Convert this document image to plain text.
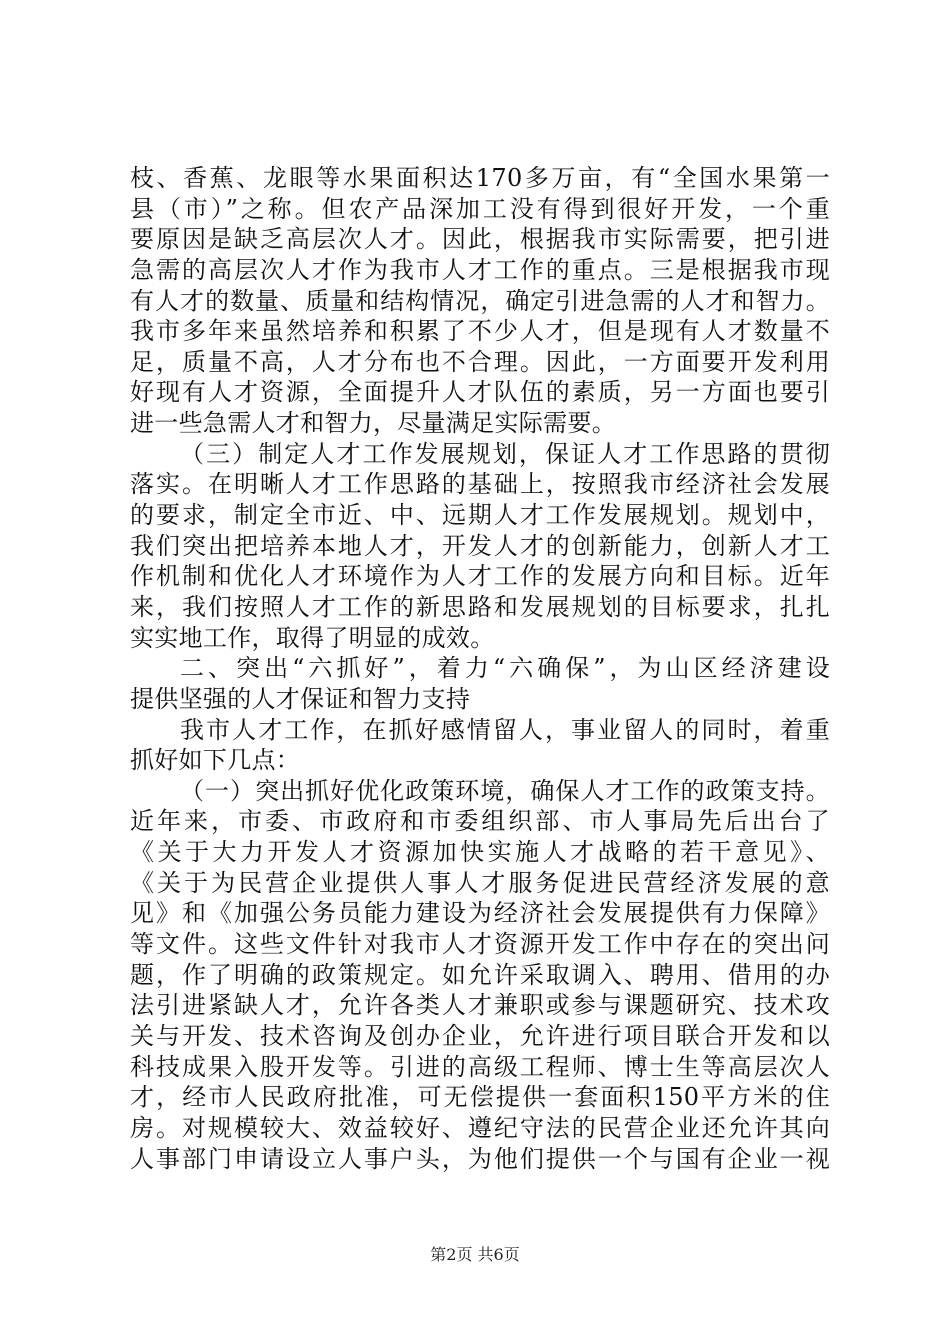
枝、香蕉、龙眼等水果面积达170多万亩，有“全国水果第一
县（市）”之称。但农产品深加工没有得到很好开发，一个重
要原因是缺乏高层次人才。因此，根据我市实际需要，把引进
急需的高层次人才作为我市人才工作的重点。三是根据我市现
有人才的数量、质量和结构情况，确定引进急需的人才和智力。
我市多年来虽然培养和积累了不少人才，但是现有人才数量不
足，质量不高，人才分布也不合理。因此，一方面要开发利用
好现有人才资源，全面提升人才队伍的素质，另一方面也要引
进一些急需人才和智力，尽量满足实际需要。
（三）制定人才工作发展规划，保证人才工作思路的贯彻
落实。在明晰人才工作思路的基础上，按照我市经济社会发展
的要求，制定全市近、中、远期人才工作发展规划。规划中，
我们突出把培养本地人才，开发人才的创新能力，创新人才工
作机制和优化人才环境作为人才工作的发展方向和目标。近年
来，我们按照人才工作的新思路和发展规划的目标要求，扎扎
实实地工作，取得了明显的成效。
二、突出“六抓好”，着力“六确保”，为山区经济建设
提供坚强的人才保证和智力支持
我市人才工作，在抓好感情留人，事业留人的同时，着重
抓好如下几点：
（一）突出抓好优化政策环境，确保人才工作的政策支持。
近年来，市委、市政府和市委组织部、市人事局先后出台了
《关于大力开发人才资源加快实施人才战略的若干意见》、
《关于为民营企业提供人事人才服务促进民营经济发展的意
见》和《加强公务员能力建设为经济社会发展提供有力保障》
等文件。这些文件针对我市人才资源开发工作中存在的突出问
题，作了明确的政策规定。如允许采取调入、聘用、借用的办
法引进紧缺人才，允许各类人才兼职或参与课题研究、技术攻
关与开发、技术咨询及创办企业，允许进行项目联合开发和以
科技成果入股开发等。引进的高级工程师、博士生等高层次人
才，经市人民政府批准，可无偿提供一套面积150平方米的住
房。对规模较大、效益较好、遵纪守法的民营企业还允许其向
人事部门申请设立人事户头，为他们提供一个与国有企业一视
第2页 共6页
